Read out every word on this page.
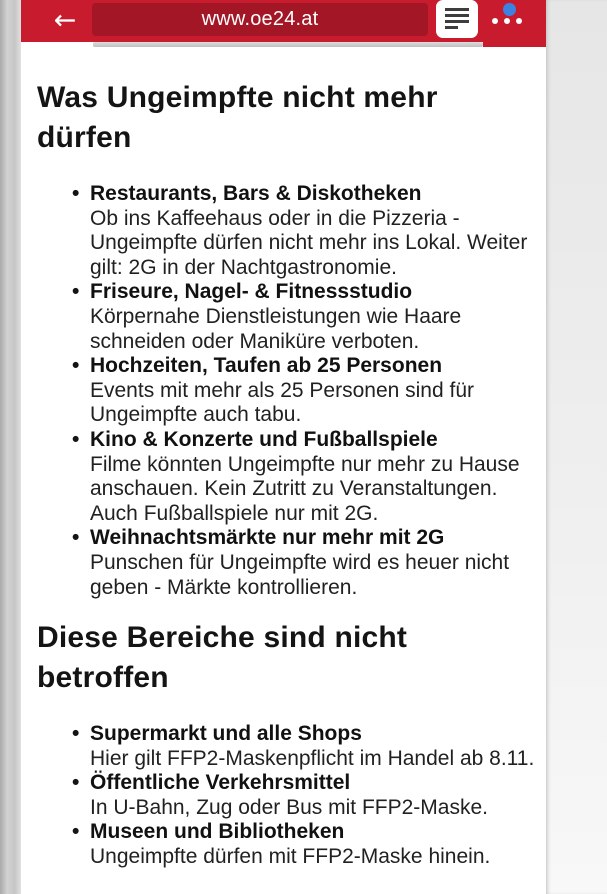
←	www.oe24.at
Was Ungeimpfte nicht mehr dürfen
• Restaurants, Bars & Diskotheken
Ob ins Kaffeehaus oder in die Pizzeria - Ungeimpfte dürfen nicht mehr ins Lokal. Weiter gilt: 2G in der Nachtgastronomie.
• Friseure, Nagel- & Fitnessstudio
Körpernahe Dienstleistungen wie Haare schneiden oder Maniküre verboten.
• Hochzeiten, Taufen ab 25 Personen
Events mit mehr als 25 Personen sind für Ungeimpfte auch tabu.
• Kino & Konzerte und Fußballspiele
Filme könnten Ungeimpfte nur mehr zu Hause anschauen. Kein Zutritt zu Veranstaltungen. Auch Fußballspiele nur mit 2G.
• Weihnachtsmärkte nur mehr mit 2G
Punschen für Ungeimpfte wird es heuer nicht geben - Märkte kontrollieren.
Diese Bereiche sind nicht betroffen
• Supermarkt und alle Shops
Hier gilt FFP2-Maskenpflicht im Handel ab 8.11.
• Öffentliche Verkehrsmittel
In U-Bahn, Zug oder Bus mit FFP2-Maske.
• Museen und Bibliotheken
Ungeimpfte dürfen mit FFP2-Maske hinein.
